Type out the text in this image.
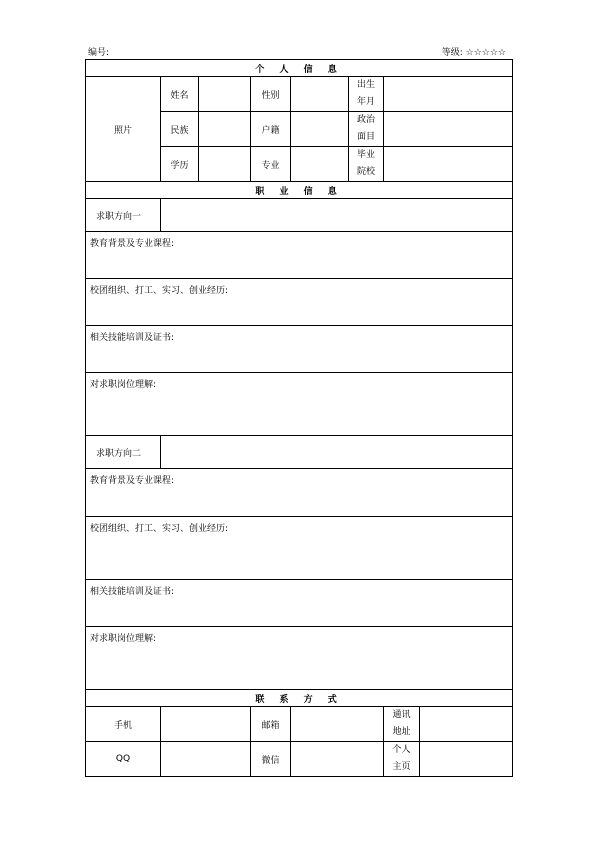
编号:	等级: ☆☆☆☆☆
个 人 信 息							
照片	姓名		性别		出生
年月		
	民族		户籍		政治
面目		
	学历		专业		毕业
院校		
职 业 信 息							
求职方向一							
教育背景及专业课程:							
校团组织、打工、实习、创业经历:							
相关技能培训及证书:							
对求职岗位理解:							
求职方向二							
教育背景及专业课程:							
校团组织、打工、实习、创业经历:							
相关技能培训及证书:							
对求职岗位理解:							
联 系 方 式							
手机			邮箱			通讯
地址	
QQ			微信			个人
主页	
